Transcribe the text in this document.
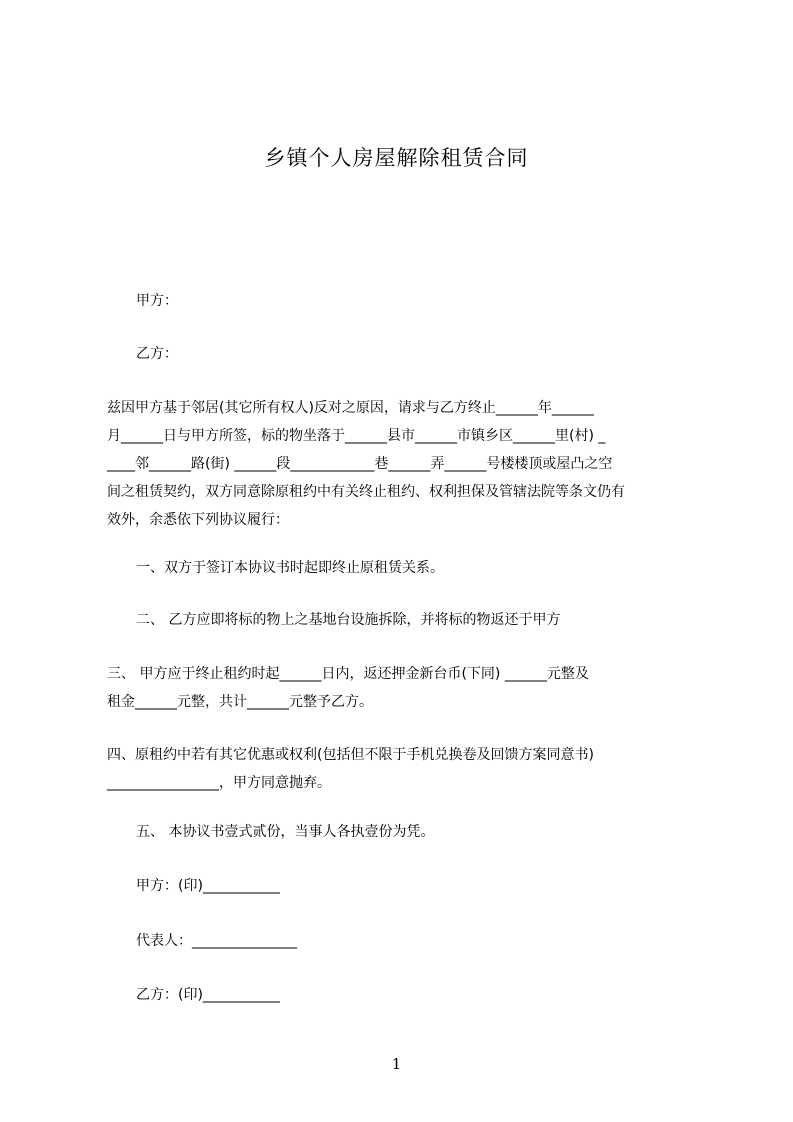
乡镇个人房屋解除租赁合同
甲方：
乙方：
兹因甲方基于邻居(其它所有权人)反对之原因，请求与乙方终止______年______
月______日与甲方所签，标的物坐落于______县市______市镇乡区______里(村) _
____邻______路(街) ______段____________巷______弄______号楼楼顶或屋凸之空
间之租赁契约，双方同意除原租约中有关终止租约、权利担保及管辖法院等条文仍有
效外，余悉依下列协议履行：
一、双方于签订本协议书时起即终止原租赁关系。
二、 乙方应即将标的物上之基地台设施拆除，并将标的物返还于甲方
三、 甲方应于终止租约时起______日内，返还押金新台币(下同) ______元整及
租金______元整，共计______元整予乙方。
四、原租约中若有其它优惠或权利(包括但不限于手机兑换卷及回馈方案同意书)
________________，甲方同意抛弃。
五、 本协议书壹式贰份，当事人各执壹份为凭。
甲方：(印)___________
代表人：_______________
乙方：(印)___________
1
